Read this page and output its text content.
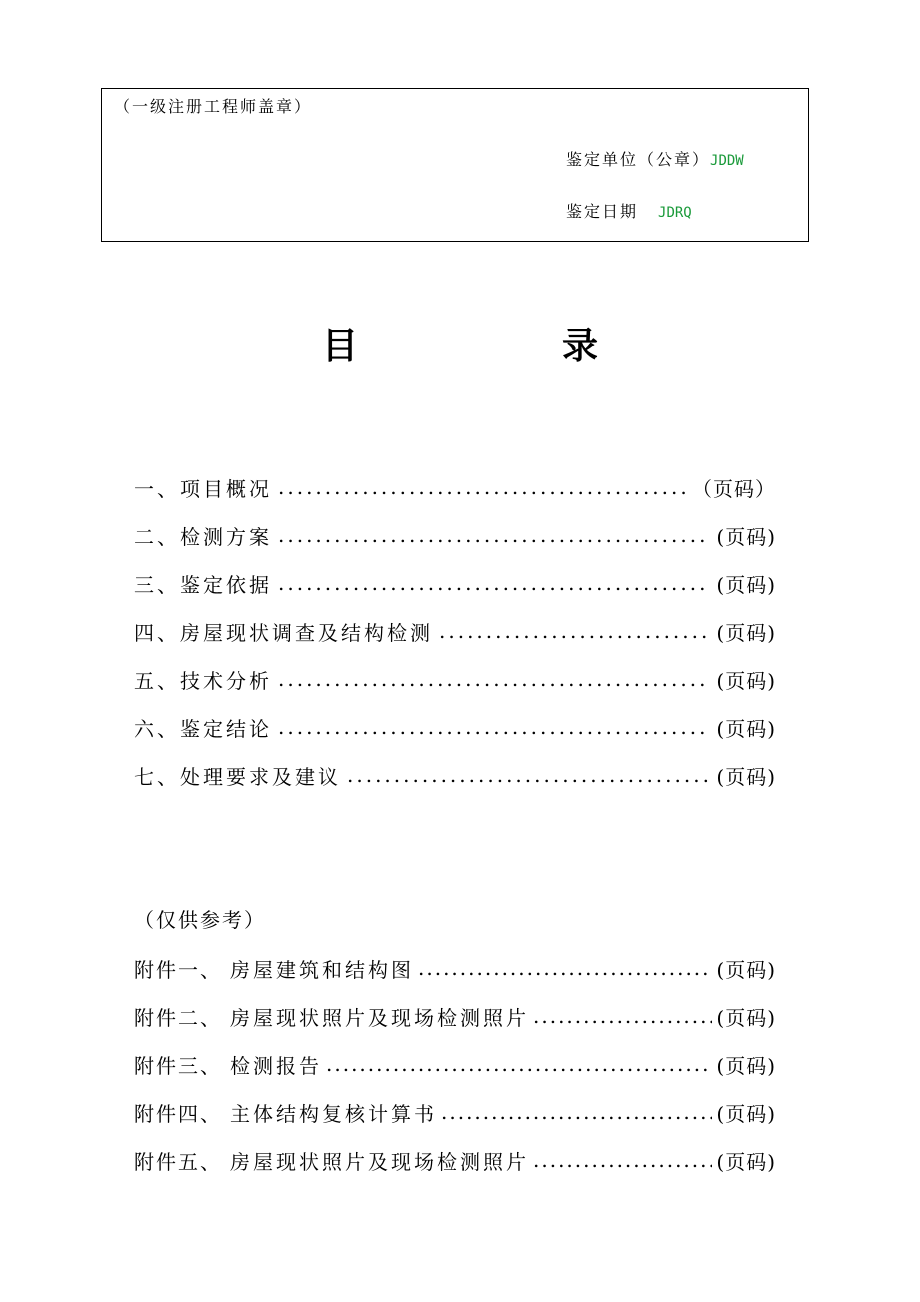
（一级注册工程师盖章）
鉴定单位（公章）JDDW
鉴定日期 JDRQ
目	录
一、项目概况 .....	（页码）
二、检测方案 .....	(页码)
三、鉴定依据 .....	(页码)
四、房屋现状调查及结构检测 .....	(页码)
五、技术分析 .....	(页码)
六、鉴定结论 .....	(页码)
七、处理要求及建议 .....	(页码)
（仅供参考）
附件一、 房屋建筑和结构图 .....	(页码)
附件二、 房屋现状照片及现场检测照片 .....	(页码)
附件三、 检测报告 .....	(页码)
附件四、 主体结构复核计算书 .....	(页码)
附件五、 房屋现状照片及现场检测照片 .....	(页码)
